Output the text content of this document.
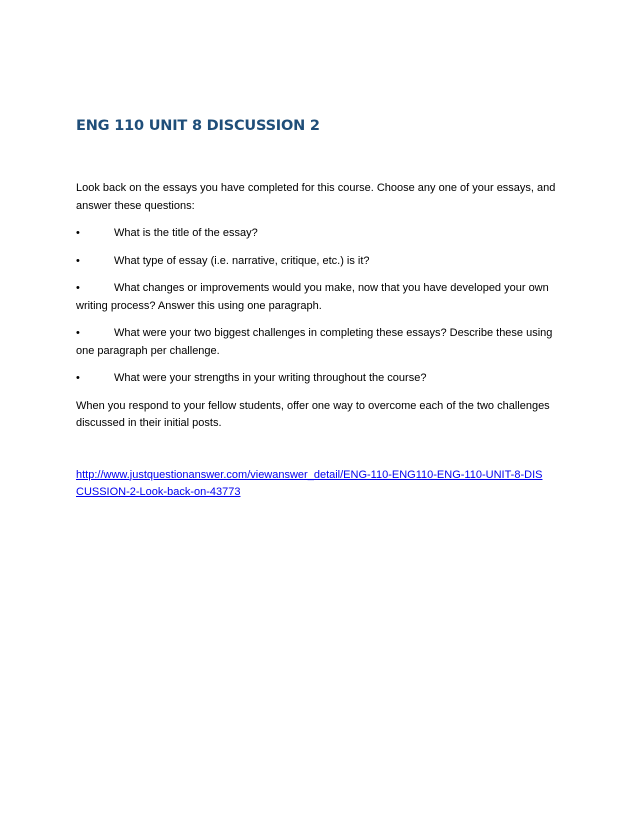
ENG 110 UNIT 8 DISCUSSION 2

Look back on the essays you have completed for this course. Choose any one of your essays, and answer these questions:

•	What is the title of the essay?

•	What type of essay (i.e. narrative, critique, etc.) is it?

•	What changes or improvements would you make, now that you have developed your own writing process? Answer this using one paragraph.

•	What were your two biggest challenges in completing these essays? Describe these using one paragraph per challenge.

•	What were your strengths in your writing throughout the course?

When you respond to your fellow students, offer one way to overcome each of the two challenges discussed in their initial posts.

http://www.justquestionanswer.com/viewanswer_detail/ENG-110-ENG110-ENG-110-UNIT-8-DISCUSSION-2-Look-back-on-43773
